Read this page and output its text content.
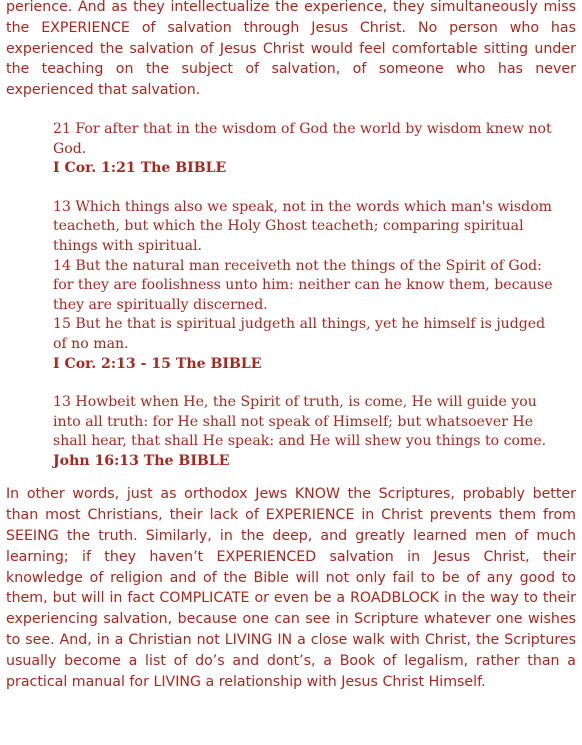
perience. And as they intellectualize the experience, they simultaneously miss the EXPERIENCE of salvation through Jesus Christ. No person who has experienced the salvation of Jesus Christ would feel comfortable sitting under the teaching on the subject of salvation, of someone who has never experienced that salvation.

21 For after that in the wisdom of God the world by wisdom knew not God.
I Cor. 1:21 The BIBLE

13 Which things also we speak, not in the words which man's wisdom teacheth, but which the Holy Ghost teacheth; comparing spiritual things with spiritual.
14 But the natural man receiveth not the things of the Spirit of God: for they are foolishness unto him: neither can he know them, because they are spiritually discerned.
15 But he that is spiritual judgeth all things, yet he himself is judged of no man.
I Cor. 2:13 - 15 The BIBLE

13 Howbeit when He, the Spirit of truth, is come, He will guide you into all truth: for He shall not speak of Himself; but whatsoever He shall hear, that shall He speak: and He will shew you things to come.
John 16:13 The BIBLE

In other words, just as orthodox Jews KNOW the Scriptures, probably better than most Christians, their lack of EXPERIENCE in Christ prevents them from SEEING the truth. Similarly, in the deep, and greatly learned men of much learning; if they haven’t EXPERIENCED salvation in Jesus Christ, their knowledge of religion and of the Bible will not only fail to be of any good to them, but will in fact COMPLICATE or even be a ROADBLOCK in the way to their experiencing salvation, because one can see in Scripture whatever one wishes to see. And, in a Christian not LIVING IN a close walk with Christ, the Scriptures usually become a list of do’s and dont’s, a Book of legalism, rather than a practical manual for LIVING a relationship with Jesus Christ Himself.
